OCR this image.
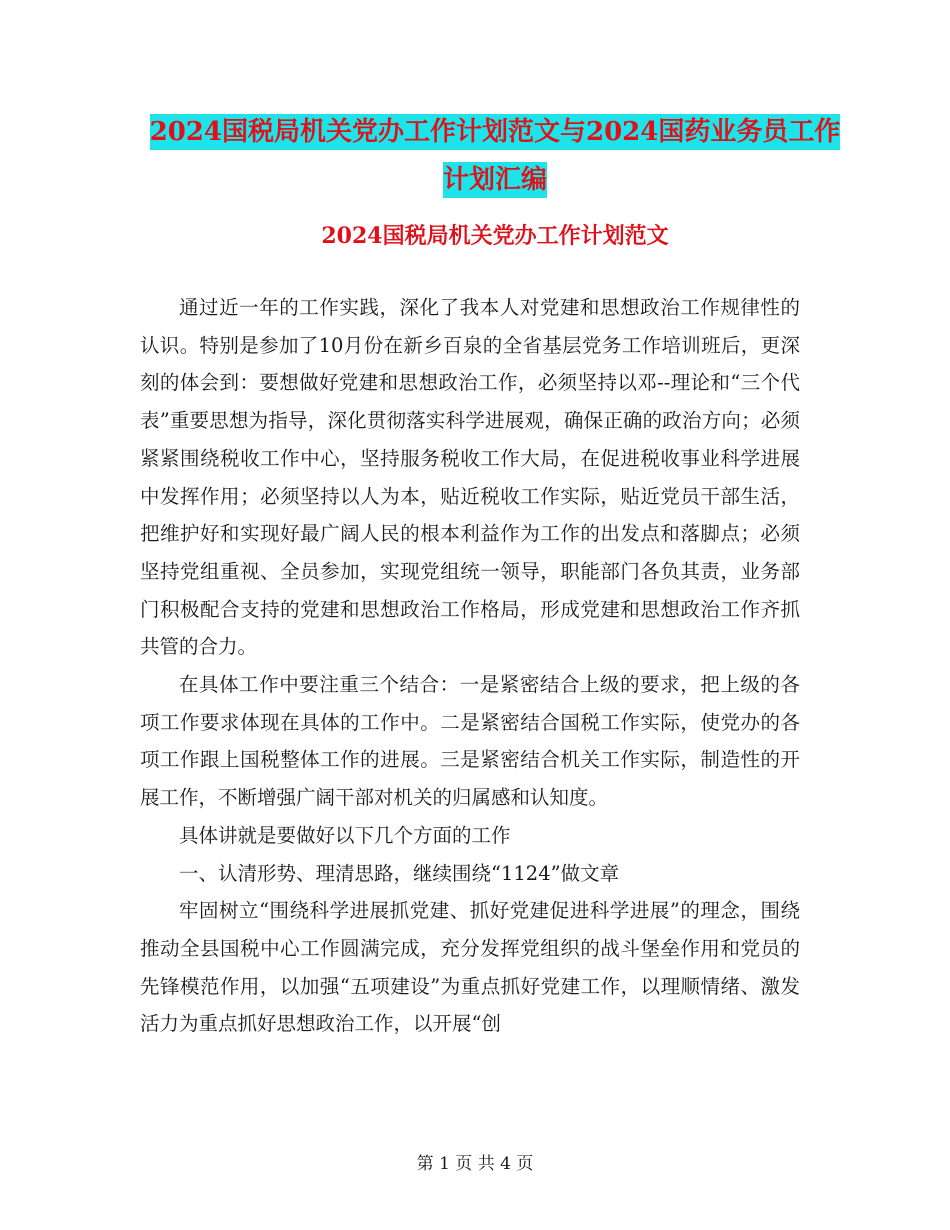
2024国税局机关党办工作计划范文与2024国药业务员工作计划汇编
2024国税局机关党办工作计划范文

通过近一年的工作实践，深化了我本人对党建和思想政治工作规律性的认识。特别是参加了10月份在新乡百泉的全省基层党务工作培训班后，更深刻的体会到：要想做好党建和思想政治工作，必须坚持以邓--理论和“三个代表”重要思想为指导，深化贯彻落实科学进展观，确保正确的政治方向；必须紧紧围绕税收工作中心，坚持服务税收工作大局，在促进税收事业科学进展中发挥作用；必须坚持以人为本，贴近税收工作实际，贴近党员干部生活，把维护好和实现好最广阔人民的根本利益作为工作的出发点和落脚点；必须坚持党组重视、全员参加，实现党组统一领导，职能部门各负其责，业务部门积极配合支持的党建和思想政治工作格局，形成党建和思想政治工作齐抓共管的合力。

在具体工作中要注重三个结合：一是紧密结合上级的要求，把上级的各项工作要求体现在具体的工作中。二是紧密结合国税工作实际，使党办的各项工作跟上国税整体工作的进展。三是紧密结合机关工作实际，制造性的开展工作，不断增强广阔干部对机关的归属感和认知度。

具体讲就是要做好以下几个方面的工作

一、认清形势、理清思路，继续围绕“1124”做文章

牢固树立“围绕科学进展抓党建、抓好党建促进科学进展”的理念，围绕推动全县国税中心工作圆满完成，充分发挥党组织的战斗堡垒作用和党员的先锋模范作用，以加强“五项建设”为重点抓好党建工作，以理顺情绪、激发活力为重点抓好思想政治工作，以开展“创

第 1 页 共 4 页
